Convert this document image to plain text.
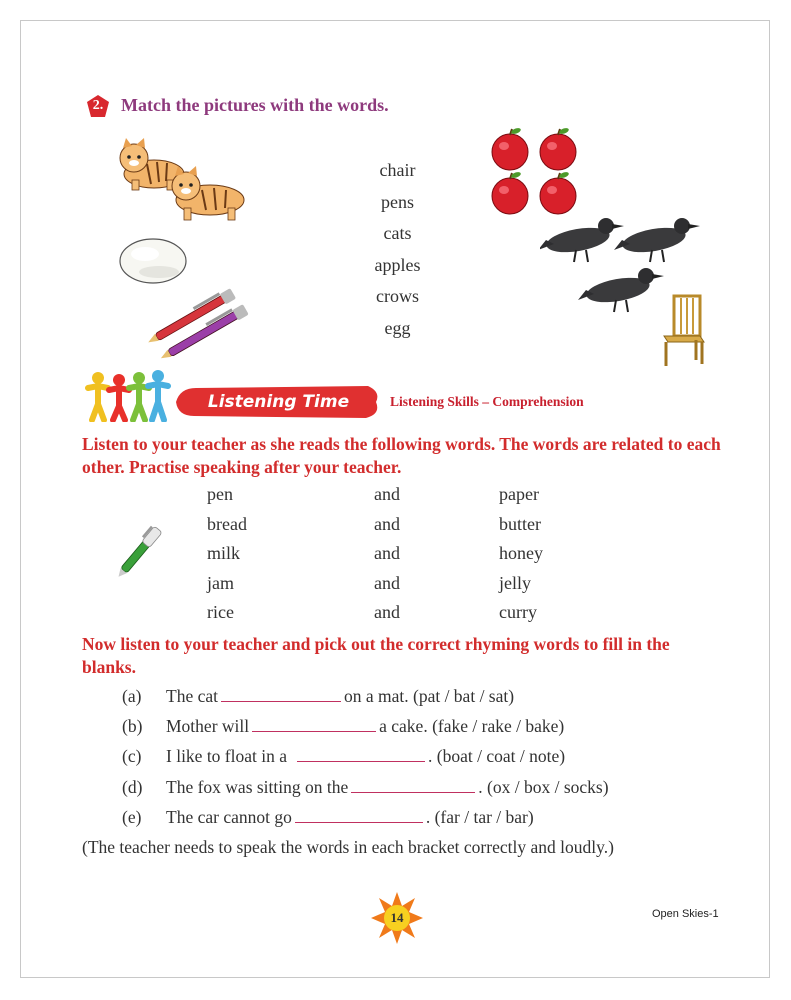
2. Match the pictures with the words.
chair
pens
cats
apples
crows
egg
Listening Time	Listening Skills – Comprehension
Listen to your teacher as she reads the following words. The words are related to each other. Practise speaking after your teacher.
pen	and	paper
bread	and	butter
milk	and	honey
jam	and	jelly
rice	and	curry
Now listen to your teacher and pick out the correct rhyming words to fill in the blanks.
(a) The cat	on a mat. (pat / bat / sat)
(b) Mother will	a cake. (fake / rake / bake)
(c) I like to float in a	. (boat / coat / note)
(d) The fox was sitting on the	. (ox / box / socks)
(e) The car cannot go	. (far / tar / bar)
(The teacher needs to speak the words in each bracket correctly and loudly.)
14	Open Skies-1
